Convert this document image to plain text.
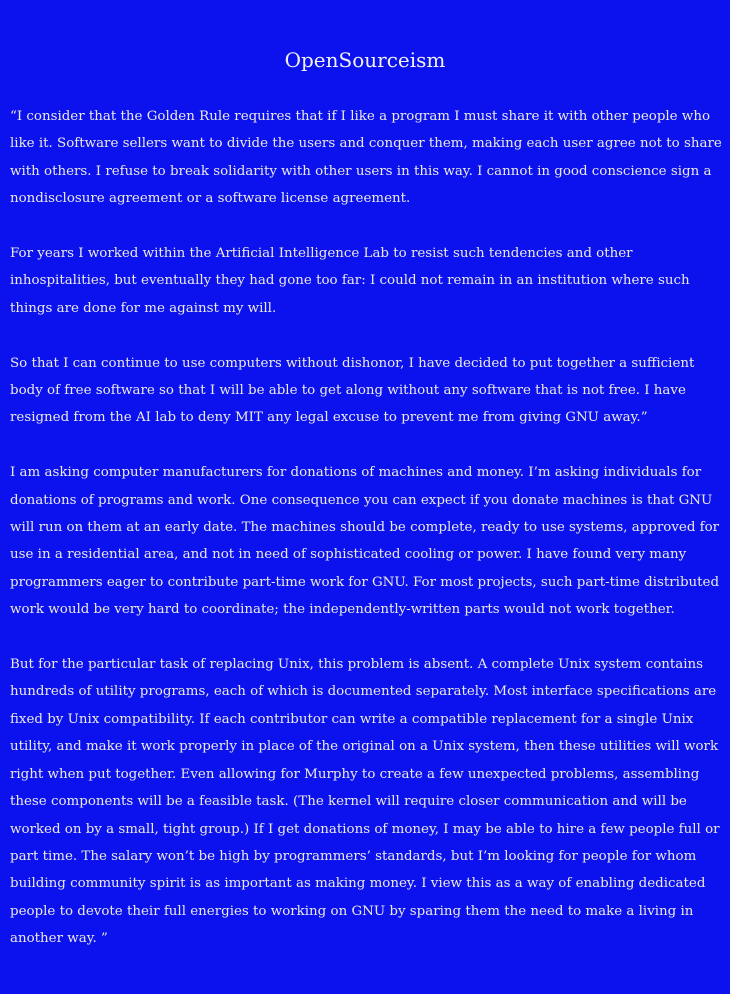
OpenSourceism

“I consider that the Golden Rule requires that if I like a program I must share it with other people who like it. Software sellers want to divide the users and conquer them, making each user agree not to share with others. I refuse to break solidarity with other users in this way. I cannot in good conscience sign a nondisclosure agreement or a software license agreement.

For years I worked within the Artificial Intelligence Lab to resist such tendencies and other inhospitalities, but eventually they had gone too far: I could not remain in an institution where such things are done for me against my will.

So that I can continue to use computers without dishonor, I have decided to put together a sufficient body of free software so that I will be able to get along without any software that is not free. I have resigned from the AI lab to deny MIT any legal excuse to prevent me from giving GNU away.”

I am asking computer manufacturers for donations of machines and money. I’m asking individuals for donations of programs and work. One consequence you can expect if you donate machines is that GNU will run on them at an early date. The machines should be complete, ready to use systems, approved for use in a residential area, and not in need of sophisticated cooling or power. I have found very many programmers eager to contribute part-time work for GNU. For most projects, such part-time distributed work would be very hard to coordinate; the independently-written parts would not work together.

But for the particular task of replacing Unix, this problem is absent. A complete Unix system contains hundreds of utility programs, each of which is documented separately. Most interface specifications are fixed by Unix compatibility. If each contributor can write a compatible replacement for a single Unix utility, and make it work properly in place of the original on a Unix system, then these utilities will work right when put together. Even allowing for Murphy to create a few unexpected problems, assembling these components will be a feasible task. (The kernel will require closer communication and will be worked on by a small, tight group.) If I get donations of money, I may be able to hire a few people full or part time. The salary won’t be high by programmers’ standards, but I’m looking for people for whom building community spirit is as important as making money. I view this as a way of enabling dedicated people to devote their full energies to working on GNU by sparing them the need to make a living in another way. ”
